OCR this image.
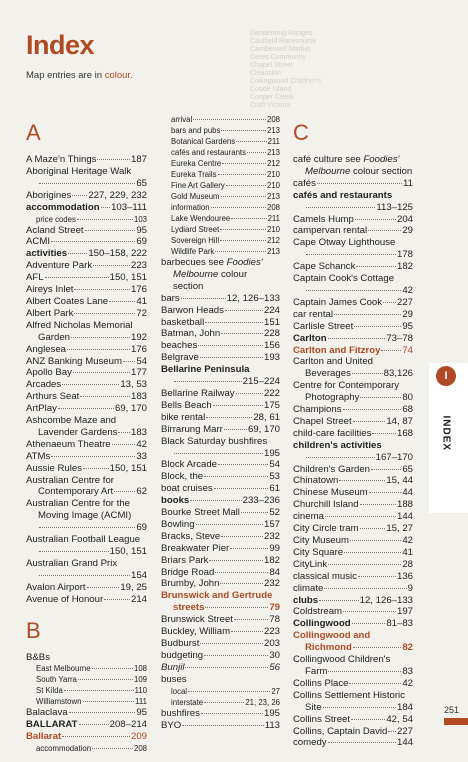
Dandenong Ranges
Caulfield Racecourse
Camberwell Market
Ceres Community
Chapel Street
Cleanskin
Collingwood Children's
Coode Island
Cooper Creek
Craft Victoria
Index
Map entries are in colour.
A
A Maze'n Things	187
Aboriginal Heritage Walk
65
Aborigines 227, 229, 232
accommodation 103–111
price codes	103
Acland Street	95
ACMI	69
activities 150–158, 222
Adventure Park	223
AFL	150, 151
Aireys Inlet	176
Albert Coates Lane	41
Albert Park	72
Alfred Nicholas Memorial
Garden	192
Anglesea	176
ANZ Banking Museum 54
Apollo Bay	177
Arcades	13, 53
Arthurs Seat	183
ArtPlay	69, 170
Ashcombe Maze and
Lavender Gardens 183
Athenaeum Theatre	42
ATMs	33
Aussie Rules	150, 151
Australian Centre for
Contemporary Art 62
Australian Centre for the
Moving Image (ACMI)
69
Australian Football League
150, 151
Australian Grand Prix
154
Avalon Airport	19, 25
Avenue of Honour	214
B
B&Bs
East Melbourne	108
South Yarra	109
St Kilda	110
Williamstown	111
Balaclava	95
BALLARAT	208–214
Ballarat	209
accommodation	208
arrival	208
bars and pubs	213
Botanical Gardens	211
cafés and restaurants	213
Eureka Centre	212
Eureka Trails	210
Fine Art Gallery	210
Gold Museum	213
information	208
Lake Wendouree	211
Lydiard Street	210
Sovereign Hill	212
Wildlife Park	213
barbecues see Foodies'
Melbourne colour section
bars	12, 126–133
Barwon Heads	224
basketball	151
Batman, John	228
beaches	156
Belgrave	193
Bellarine Peninsula
215–224
Bellarine Railway	222
Bells Beach	175
bike rental	28, 61
Birrarung Marr	69, 170
Black Saturday bushfires
195
Block Arcade	54
Block, the	53
boat cruises	61
books	233–236
Bourke Street Mall	52
Bowling	157
Bracks, Steve	232
Breakwater Pier	99
Briars Park	182
Bridge Road	84
Brumby, John	232
Brunswick and Gertrude
streets	79
Brunswick Street	78
Buckley, William	223
Budburst	203
budgeting	30
Bunjil	56
buses
local	27
interstate	21, 23, 26
bushfires	195
BYO	113
C
café culture see Foodies'
Melbourne colour section
cafés	11
cafés and restaurants
113–125
Camels Hump	204
campervan rental	29
Cape Otway Lighthouse
178
Cape Schanck	182
Captain Cook's Cottage
42
Captain James Cook 227
car rental	29
Carlisle Street	95
Carlton	73–78
Carlton and Fitzroy 74
Carlton and United
Beverages	83,126
Centre for Contemporary
Photography	80
Champions	68
Chapel Street	14, 87
child-care facilities	168
children's activities
167–170
Children's Garden	65
Chinatown	15, 44
Chinese Museum	44
Churchill Island	188
cinema	144
City Circle tram	15, 27
City Museum	42
City Square	41
CityLink	28
classical music	136
climate	9
clubs	12, 126–133
Coldstream	197
Collingwood	81–83
Collingwood and
Richmond	82
Collingwood Children's
Farm	83
Collins Place	42
Collins Settlement Historic
Site	184
Collins Street	42, 54
Collins, Captain David 227
comedy	144
I
INDEX
251
